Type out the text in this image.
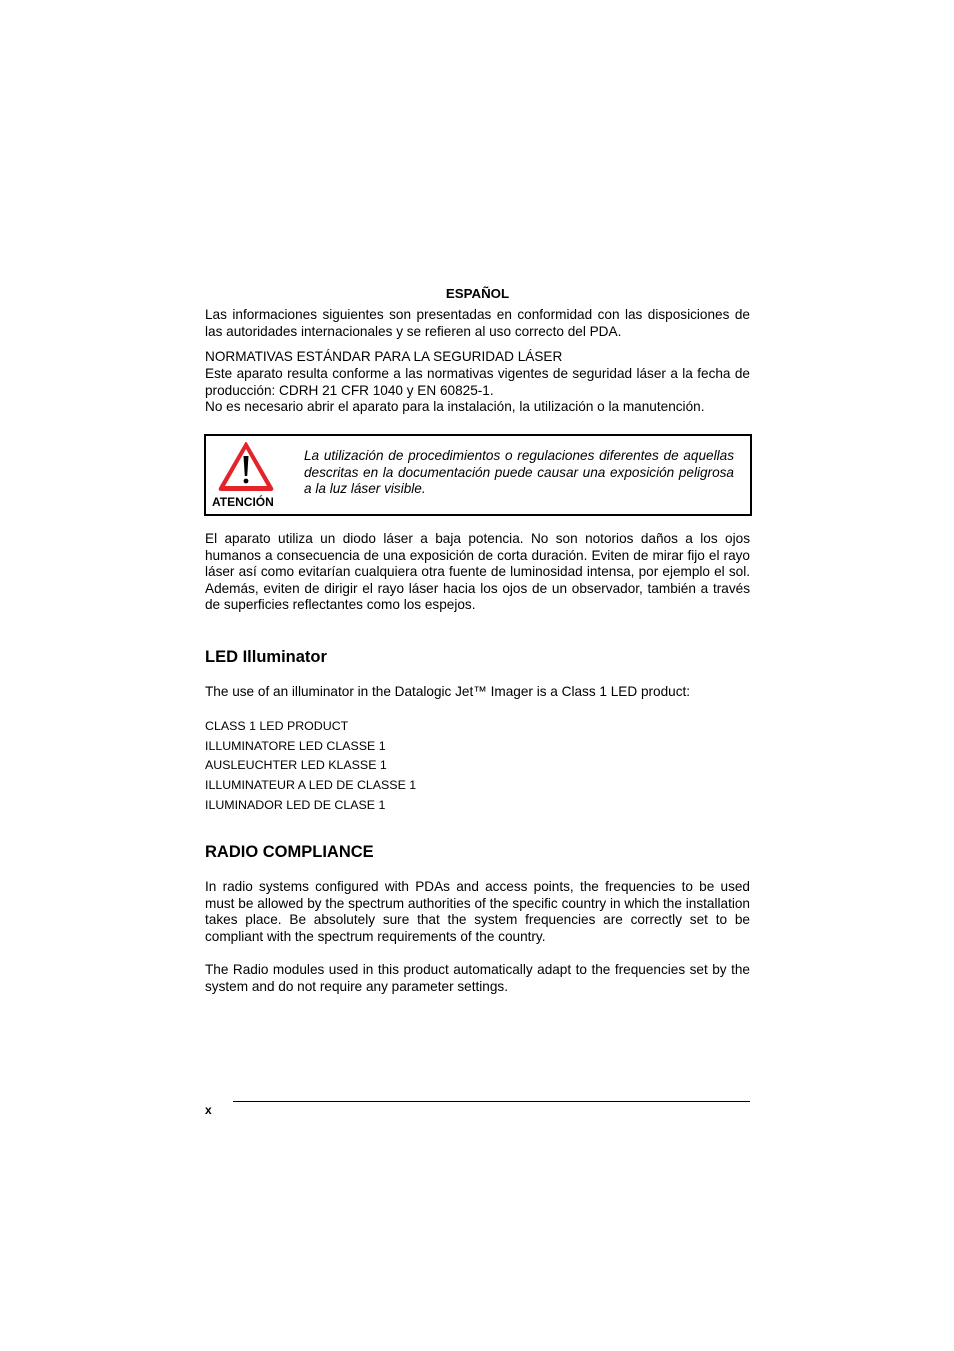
ESPAÑOL

Las informaciones siguientes son presentadas en conformidad con las disposiciones de las autoridades internacionales y se refieren al uso correcto del PDA.

NORMATIVAS ESTÁNDAR PARA LA SEGURIDAD LÁSER

Este aparato resulta conforme a las normativas vigentes de seguridad láser a la fecha de producción: CDRH 21 CFR 1040 y EN 60825-1.

No es necesario abrir el aparato para la instalación, la utilización o la manutención.

ATENCIÓN

La utilización de procedimientos o regulaciones diferentes de aquellas descritas en la documentación puede causar una exposición peligrosa a la luz láser visible.

El aparato utiliza un diodo láser a baja potencia. No son notorios daños a los ojos humanos a consecuencia de una exposición de corta duración. Eviten de mirar fijo el rayo láser así como evitarían cualquiera otra fuente de luminosidad intensa, por ejemplo el sol. Además, eviten de dirigir el rayo láser hacia los ojos de un observador, también a través de superficies reflectantes como los espejos.

LED Illuminator

The use of an illuminator in the Datalogic Jet™ Imager is a Class 1 LED product:

CLASS 1 LED PRODUCT

ILLUMINATORE LED CLASSE 1

AUSLEUCHTER LED KLASSE 1

ILLUMINATEUR A LED DE CLASSE 1

ILUMINADOR LED DE CLASE 1

RADIO COMPLIANCE

In radio systems configured with PDAs and access points, the frequencies to be used must be allowed by the spectrum authorities of the specific country in which the installation takes place. Be absolutely sure that the system frequencies are correctly set to be compliant with the spectrum requirements of the country.

The Radio modules used in this product automatically adapt to the frequencies set by the system and do not require any parameter settings.

x
